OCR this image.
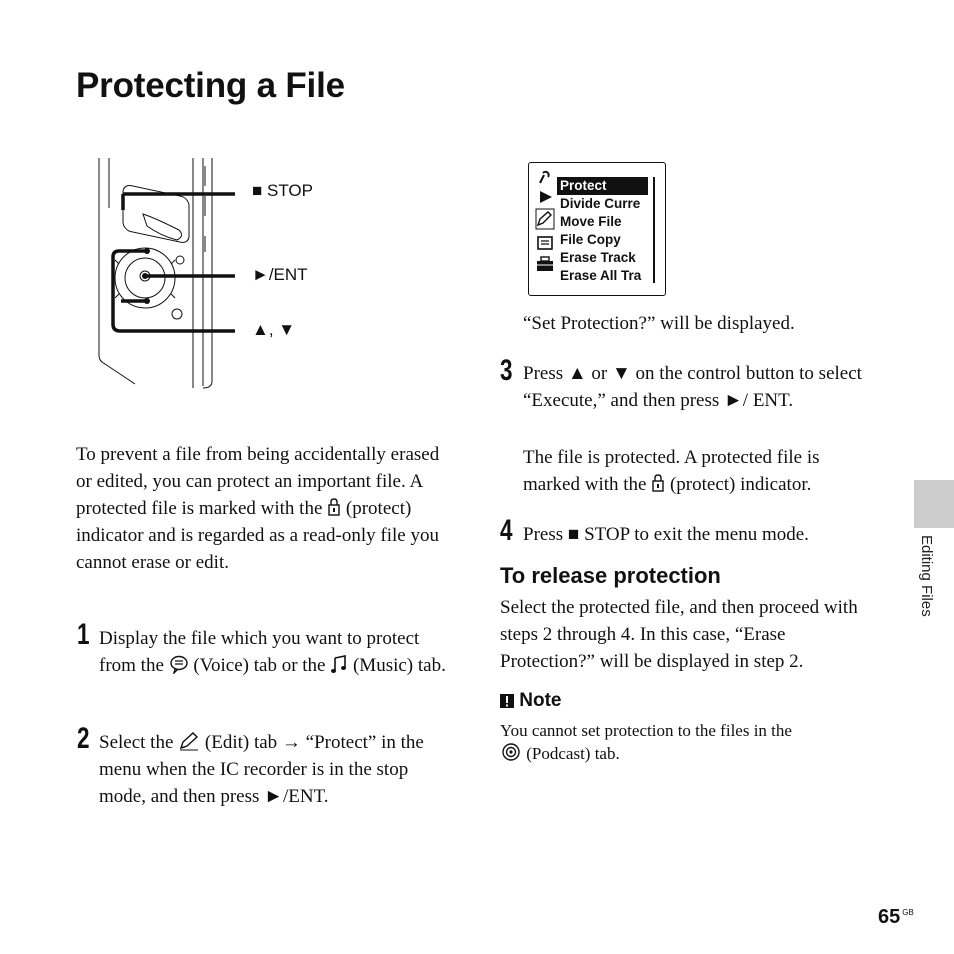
Protecting a File
■ STOP
►/ENT
▲, ▼
To prevent a file from being accidentally erased or edited, you can protect an important file. A protected file is marked with the (protect) indicator and is regarded as a read-only file you cannot erase or edit.
1 Display the file which you want to protect from the (Voice) tab or the (Music) tab.
2 Select the (Edit) tab → “Protect” in the menu when the IC recorder is in the stop mode, and then press ►/ENT.
Protect
Divide Curre
Move File
File Copy
Erase Track
Erase All Tra
“Set Protection?” will be displayed.
3 Press ▲ or ▼ on the control button to select “Execute,” and then press ►/ ENT.
The file is protected. A protected file is marked with the (protect) indicator.
4 Press ■ STOP to exit the menu mode.
To release protection
Select the protected file, and then proceed with steps 2 through 4. In this case, “Erase Protection?” will be displayed in step 2.
Note
You cannot set protection to the files in the
(Podcast) tab.
Editing Files
65 $^{GB}$
